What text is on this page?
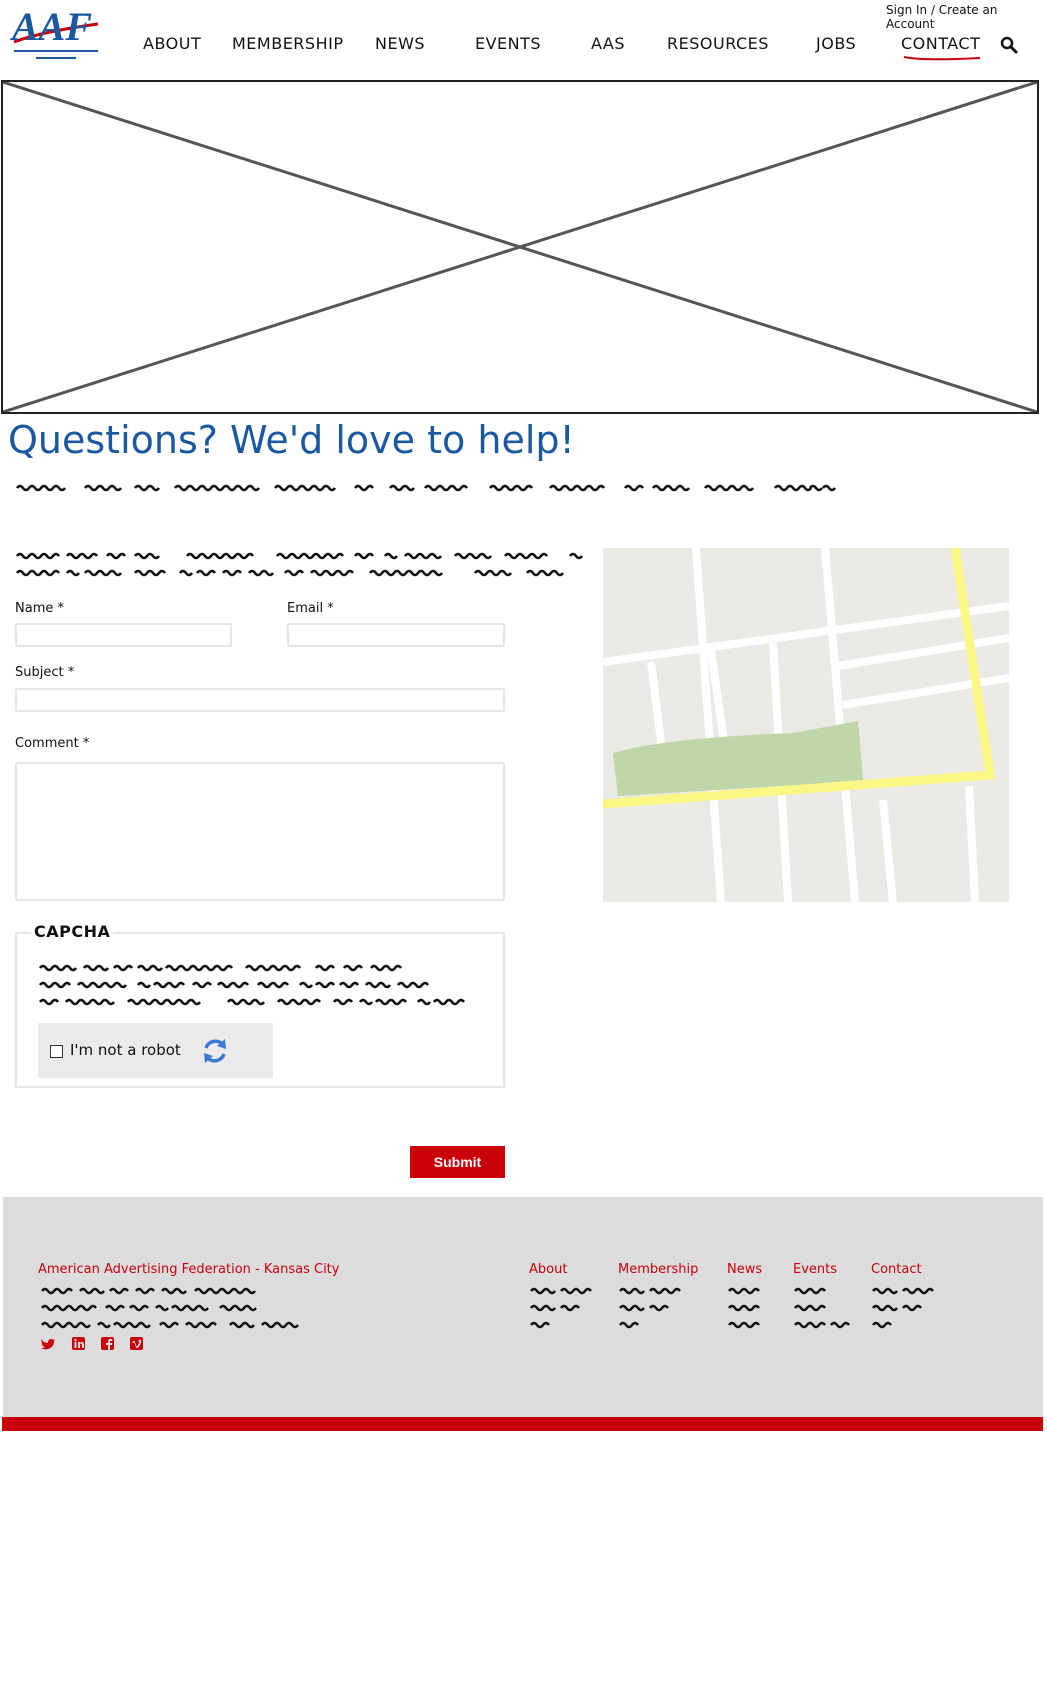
Sign In / Create an Account
AAF	ABOUT MEMBERSHIP NEWS	EVENTS	AAS	RESOURCES	JOBS	CONTACT
Questions? We'd love to help!
Name *	Email *
Subject *
Comment *
CAPCHA
I'm not a robot
Submit
American Advertising Federation - Kansas City	About	Membership News Events	Contact
